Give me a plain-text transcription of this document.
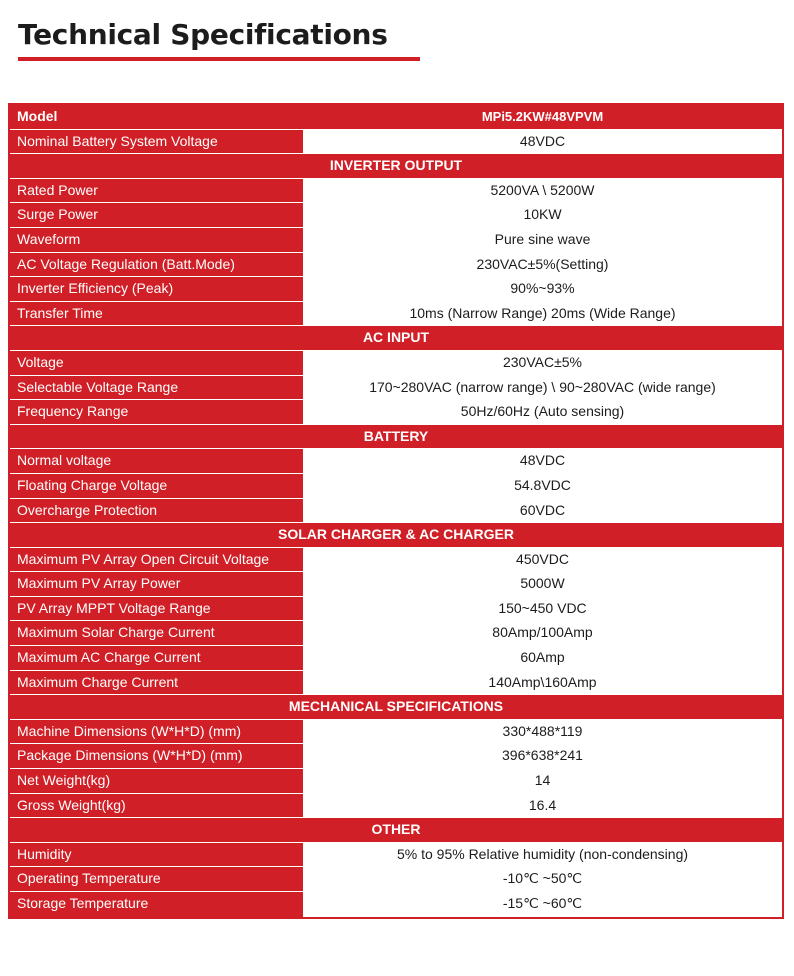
Technical Specifications
Model	MPi5.2KW#48VPVM
Nominal Battery System Voltage	48VDC
INVERTER OUTPUT
Rated Power	5200VA \ 5200W
Surge Power	10KW
Waveform	Pure sine wave
AC Voltage Regulation (Batt.Mode)	230VAC±5%(Setting)
Inverter Efficiency (Peak)	90%~93%
Transfer Time	10ms (Narrow Range) 20ms (Wide Range)
AC INPUT
Voltage	230VAC±5%
Selectable Voltage Range	170~280VAC (narrow range) \ 90~280VAC (wide range)
Frequency Range	50Hz/60Hz (Auto sensing)
BATTERY
Normal voltage	48VDC
Floating Charge Voltage	54.8VDC
Overcharge Protection	60VDC
SOLAR CHARGER & AC CHARGER
Maximum PV Array Open Circuit Voltage	450VDC
Maximum PV Array Power	5000W
PV Array MPPT Voltage Range	150~450 VDC
Maximum Solar Charge Current	80Amp/100Amp
Maximum AC Charge Current	60Amp
Maximum Charge Current	140Amp\160Amp
MECHANICAL SPECIFICATIONS
Machine Dimensions (W*H*D) (mm)	330*488*119
Package Dimensions (W*H*D) (mm)	396*638*241
Net Weight(kg)	14
Gross Weight(kg)	16.4
OTHER
Humidity	5% to 95% Relative humidity (non-condensing)
Operating Temperature	-10℃ ~50℃
Storage Temperature	-15℃ ~60℃
